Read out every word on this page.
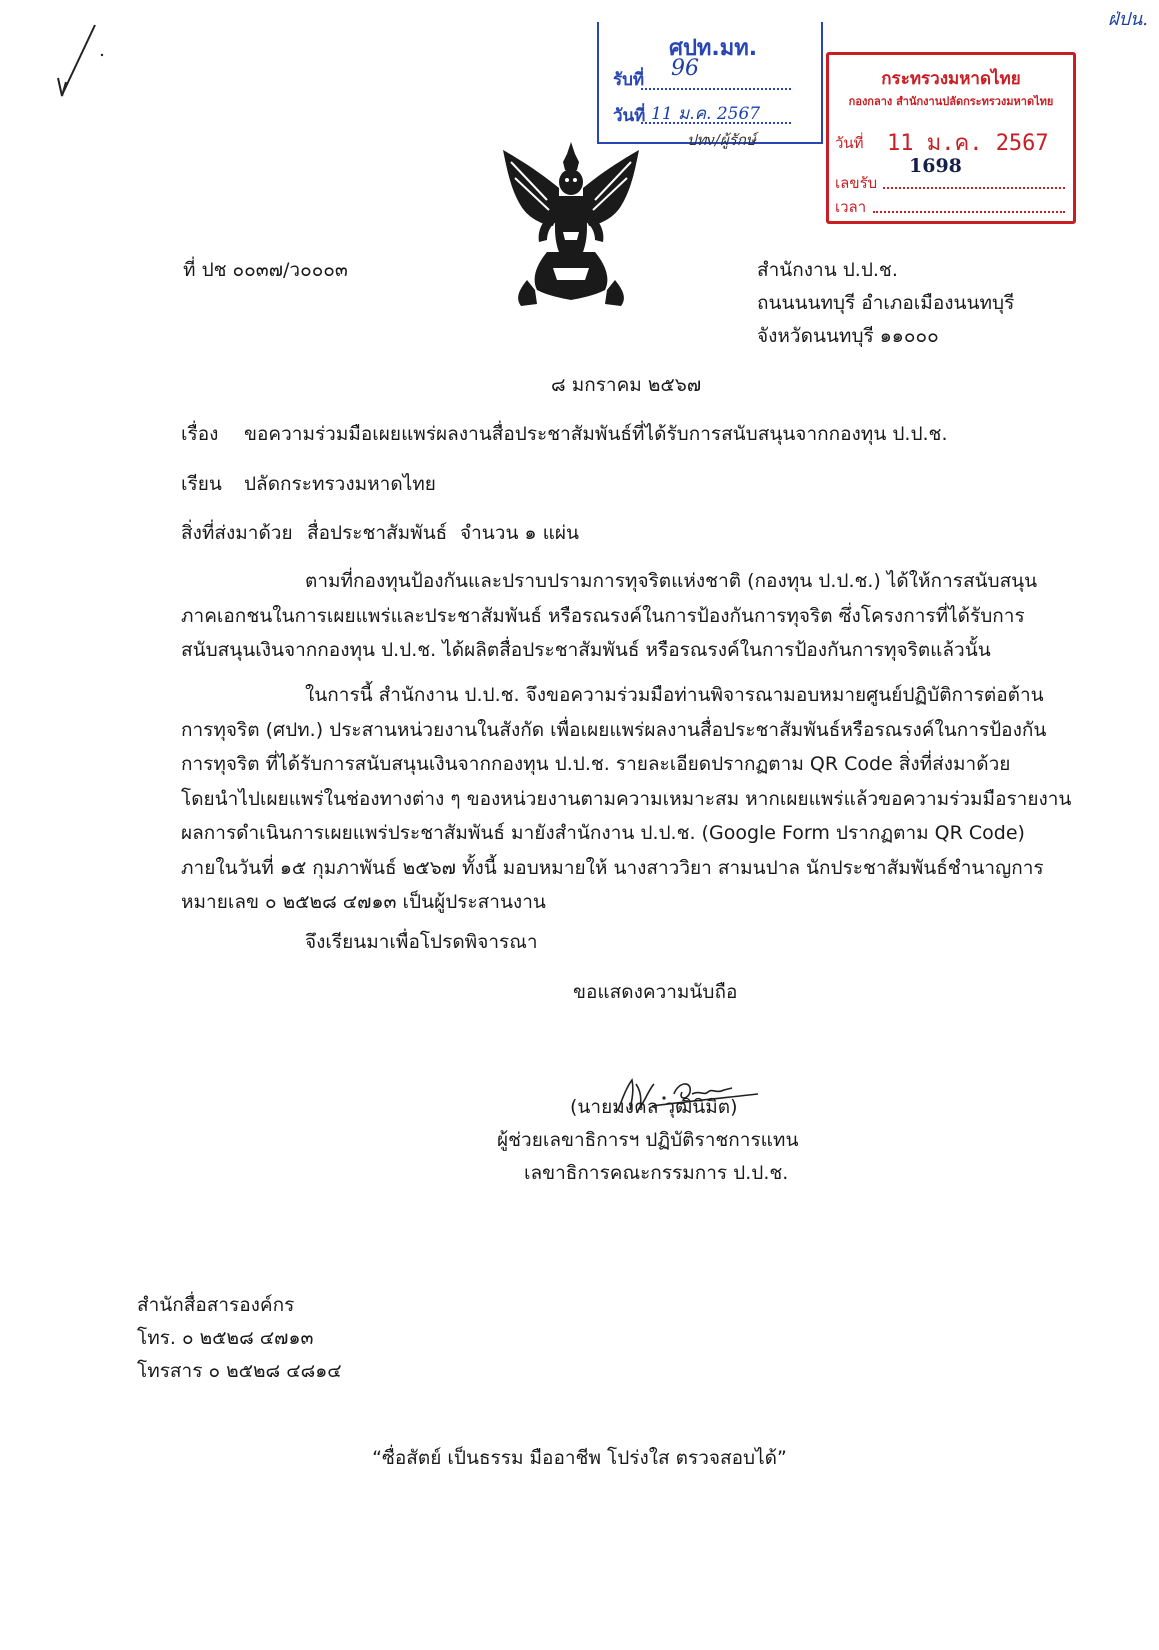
ฝ่ปน.
ศปท.มท.
รับที่ 96
วันที่ 11 ม.ค. 2567
ปทv/ผู้รักษ์
กระทรวงมหาดไทย
กองกลาง สำนักงานปลัดกระทรวงมหาดไทย
วันที่ 11 ม.ค. 2567
เลขรับ
1698
เวลา
ที่ ปช ๐๐๓๗/ว๐๐๐๓	สำนักงาน ป.ป.ช.
ถนนนนทบุรี อำเภอเมืองนนทบุรี
จังหวัดนนทบุรี ๑๑๐๐๐
๘ มกราคม ๒๕๖๗
เรื่อง ขอความร่วมมือเผยแพร่ผลงานสื่อประชาสัมพันธ์ที่ได้รับการสนับสนุนจากกองทุน ป.ป.ช.
เรียน ปลัดกระทรวงมหาดไทย
สิ่งที่ส่งมาด้วย สื่อประชาสัมพันธ์ จำนวน ๑ แผ่น
ตามที่กองทุนป้องกันและปราบปรามการทุจริตแห่งชาติ (กองทุน ป.ป.ช.) ได้ให้การสนับสนุน
ภาคเอกชนในการเผยแพร่และประชาสัมพันธ์ หรือรณรงค์ในการป้องกันการทุจริต ซึ่งโครงการที่ได้รับการ
สนับสนุนเงินจากกองทุน ป.ป.ช. ได้ผลิตสื่อประชาสัมพันธ์ หรือรณรงค์ในการป้องกันการทุจริตแล้วนั้น
ในการนี้ สำนักงาน ป.ป.ช. จึงขอความร่วมมือท่านพิจารณามอบหมายศูนย์ปฏิบัติการต่อต้าน
การทุจริต (ศปท.) ประสานหน่วยงานในสังกัด เพื่อเผยแพร่ผลงานสื่อประชาสัมพันธ์หรือรณรงค์ในการป้องกัน
การทุจริต ที่ได้รับการสนับสนุนเงินจากกองทุน ป.ป.ช. รายละเอียดปรากฏตาม QR Code สิ่งที่ส่งมาด้วย
โดยนำไปเผยแพร่ในช่องทางต่าง ๆ ของหน่วยงานตามความเหมาะสม หากเผยแพร่แล้วขอความร่วมมือรายงาน
ผลการดำเนินการเผยแพร่ประชาสัมพันธ์ มายังสำนักงาน ป.ป.ช. (Google Form ปรากฏตาม QR Code)
ภายในวันที่ ๑๕ กุมภาพันธ์ ๒๕๖๗ ทั้งนี้ มอบหมายให้ นางสาววิยา สามนปาล นักประชาสัมพันธ์ชำนาญการ
หมายเลข ๐ ๒๕๒๘ ๔๗๑๓ เป็นผู้ประสานงาน
จึงเรียนมาเพื่อโปรดพิจารณา
ขอแสดงความนับถือ
(นายมงคล วุฒินิมิต)
ผู้ช่วยเลขาธิการฯ ปฏิบัติราชการแทน
เลขาธิการคณะกรรมการ ป.ป.ช.
สำนักสื่อสารองค์กร
โทร. ๐ ๒๕๒๘ ๔๗๑๓
โทรสาร ๐ ๒๕๒๘ ๔๘๑๔
“ซื่อสัตย์ เป็นธรรม มืออาชีพ โปร่งใส ตรวจสอบได้”
